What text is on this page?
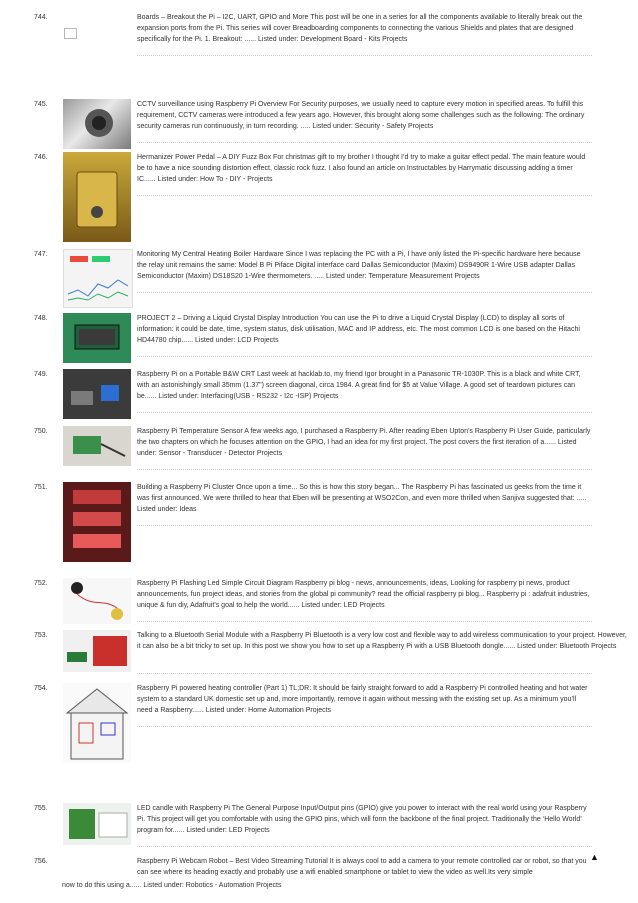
744.	Boards – Breakout the Pi – I2C, UART, GPIO and More This post will be one in a series for all the components available to literally break out the expansion ports from the Pi. This series will cover Breadboarding components to connecting the various Shields and plates that are designed specifically for the Pi. 1. Breakout: ...... Listed under: Development Board - Kits Projects
745.	CCTV surveillance using Raspberry Pi Overview For Security purposes, we usually need to capture every motion in specified areas. To fulfill this requirement, CCTV cameras were introduced a few years ago. However, this brought along some challenges such as the following: The ordinary security cameras run continuously, in turn recording. ..... Listed under: Security - Safety Projects
746.	Hermanizer Power Pedal – A DIY Fuzz Box For christmas gift to my brother I thought I’d try to make a guitar effect pedal. The main feature would be to have a nice sounding distortion effect, classic rock fuzz. I also found an article on Instructables by Harrymatic discussing adding a timer IC...... Listed under: How To - DIY - Projects
747.	Monitoring My Central Heating Boiler Hardware Since I was replacing the PC with a Pi, I have only listed the Pi-specific hardware here because the relay unit remains the same: Model B Pi Piface Digital interface card Dallas Semiconductor (Maxim) DS9490R 1-Wire USB adapter Dallas Semiconductor (Maxim) DS18S20 1-Wire thermometers. ..... Listed under: Temperature Measurement Projects
748.	PROJECT 2 – Driving a Liquid Crystal Display Introduction You can use the Pi to drive a Liquid Crystal Display (LCD) to display all sorts of information: it could be date, time, system status, disk utilisation, MAC and IP address, etc. The most common LCD is one based on the Hitachi HD44780 chip...... Listed under: LCD Projects
749.	Raspberry Pi on a Portable B&W CRT Last week at hacklab.to, my friend Igor brought in a Panasonic TR-1030P. This is a black and white CRT, with an astonishingly small 35mm (1.37") screen diagonal, circa 1984. A great find for $5 at Value Village. A good set of teardown pictures can be...... Listed under: Interfacing(USB - RS232 - I2c -ISP) Projects
750.	Raspberry Pi Temperature Sensor A few weeks ago, I purchased a Raspberry Pi. After reading Eben Upton’s Raspberry Pi User Guide, particularly the two chapters on which he focuses attention on the GPIO, I had an idea for my first project. The post covers the first iteration of a...... Listed under: Sensor - Transducer - Detector Projects
751.	Building a Raspberry Pi Cluster Once upon a time... So this is how this story began... The Raspberry Pi has fascinated us geeks from the time it was first announced. We were thrilled to hear that Eben will be presenting at WSO2Con, and even more thrilled when Sanjiva suggested that: ..... Listed under: Ideas
752.	Raspberry Pi Flashing Led Simple Circuit Diagram Raspberry pi blog - news, announcements, ideas, Looking for raspberry pi news, product announcements, fun project ideas, and stories from the global pi community? read the official raspberry pi blog... Raspberry pi : adafruit industries, unique & fun diy, Adafruit’s goal to help the world...... Listed under: LED Projects
753.	Talking to a Bluetooth Serial Module with a Raspberry Pi Bluetooth is a very low cost and flexible way to add wireless communication to your project. However, it can also be a bit tricky to set up. In this post we show you how to set up a Raspberry Pi with a USB Bluetooth dongle...... Listed under: Bluetooth Projects
754.	Raspberry Pi powered heating controller (Part 1) TL;DR: It should be fairly straight forward to add a Raspberry Pi controlled heating and hot water system to a standard UK domestic set up and, more importantly, remove it again without messing with the existing set up. As a minimum you’ll need a Raspberry...... Listed under: Home Automation Projects
755.	LED candle with Raspberry Pi The General Purpose Input/Output pins (GPIO) give you power to interact with the real world using your Raspberry Pi. This project will get you comfortable with using the GPIO pins, which will form the backbone of the final project. Traditionally the ‘Hello World’ program for...... Listed under: LED Projects
756.	Raspberry Pi Webcam Robot – Best Video Streaming Tutorial It is always cool to add a camera to your remote controlled car or robot, so that you can see where its heading exactly and probably use a wifi enabled smartphone or tablet to view the video as well.Its very simple
now to do this using a...... Listed under: Robotics - Automation Projects
▲
